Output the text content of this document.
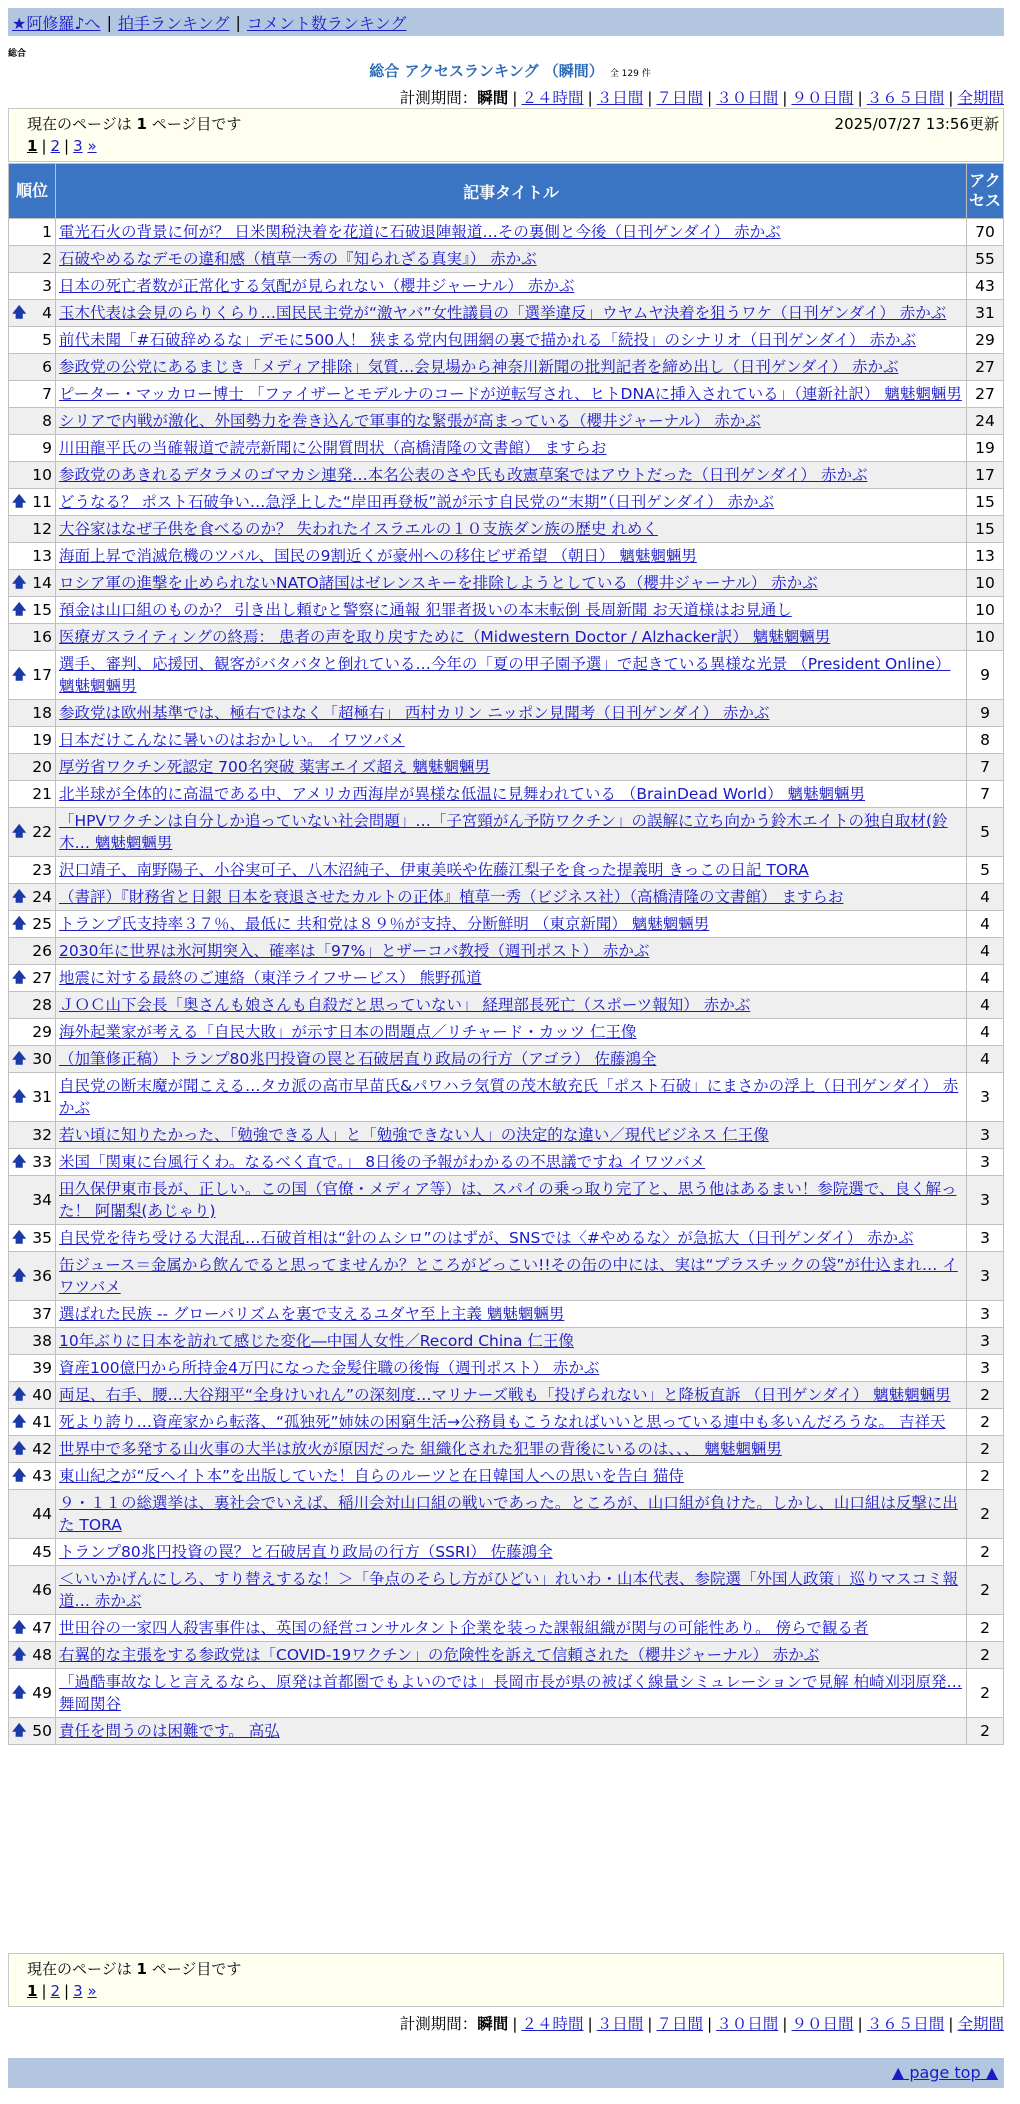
★阿修羅♪へ | 拍手ランキング | コメント数ランキング
総合
総合 アクセスランキング （瞬間） 全 129 件
計測期間：瞬間 | ２４時間 | ３日間 | ７日間 | ３０日間 | ９０日間 | ３６５日間 | 全期間
現在のページは 1 ページ目です	2025/07/27 13:56更新
1 | 2 | 3 »
順位	記事タイトル	アクセス
1	電光石火の背景に何が？ 日米関税決着を花道に石破退陣報道…その裏側と今後（日刊ゲンダイ） 赤かぶ	70
2	石破やめるなデモの違和感（植草一秀の『知られざる真実』） 赤かぶ	55
3	日本の死亡者数が正常化する気配が見られない（櫻井ジャーナル） 赤かぶ	43

🡅 4	玉木代表は会見のらりくらり…国民民主党が“激ヤバ”女性議員の「選挙違反」ウヤムヤ決着を狙うワケ（日刊ゲンダイ） 赤かぶ	31
5	前代未聞「#石破辞めるな」デモに500人！ 狭まる党内包囲網の裏で描かれる「続投」のシナリオ（日刊ゲンダイ） 赤かぶ	29
6	参政党の公党にあるまじき「メディア排除」気質…会見場から神奈川新聞の批判記者を締め出し（日刊ゲンダイ） 赤かぶ	27
7	ピーター・マッカロー博士 「ファイザーとモデルナのコードが逆転写され、ヒトDNAに挿入されている」（連新社訳） 魑魅魍魎男	27
8	シリアで内戦が激化、外国勢力を巻き込んで軍事的な緊張が高まっている（櫻井ジャーナル） 赤かぶ	24
9	川田龍平氏の当確報道で読売新聞に公開質問状（高橋清隆の文書館） ますらお	19
10	参政党のあきれるデタラメのゴマカシ連発…本名公表のさや氏も改憲草案ではアウトだった（日刊ゲンダイ） 赤かぶ	17

🡅 11	どうなる？ ポスト石破争い…急浮上した“岸田再登板”説が示す自民党の“末期”（日刊ゲンダイ） 赤かぶ	15
12	大谷家はなぜ子供を食べるのか？ 失われたイスラエルの１０支族ダン族の歴史 れめく	15
13	海面上昇で消滅危機のツバル、国民の9割近くが豪州への移住ビザ希望 （朝日） 魑魅魍魎男	13

🡅 14	ロシア軍の進撃を止められないNATO諸国はゼレンスキーを排除しようとしている（櫻井ジャーナル） 赤かぶ	10

🡅 15	預金は山口組のものか？ 引き出し頼むと警察に通報 犯罪者扱いの本末転倒 長周新聞 お天道様はお見通し	10
16	医療ガスライティングの終焉： 患者の声を取り戻すために（Midwestern Doctor / Alzhacker訳） 魑魅魍魎男	10

🡅 17	選手、審判、応援団、観客がバタバタと倒れている…今年の「夏の甲子園予選」で起きている異様な光景 （President Online） 魑魅魍魎男	9
18	参政党は欧州基準では、極右ではなく「超極右」 西村カリン ニッポン見聞考（日刊ゲンダイ） 赤かぶ	9
19	日本だけこんなに暑いのはおかしい。 イワツバメ	8
20	厚労省ワクチン死認定 700名突破 薬害エイズ超え 魑魅魍魎男	7
21	北半球が全体的に高温である中、アメリカ西海岸が異様な低温に見舞われている （BrainDead World） 魑魅魍魎男	7

🡅 22	「HPVワクチンは自分しか追っていない社会問題」…「子宮頸がん予防ワクチン」の誤解に立ち向かう鈴木エイトの独自取材(鈴木… 魑魅魍魎男	5
23	沢口靖子、南野陽子、小谷実可子、八木沼純子、伊東美咲や佐藤江梨子を食った提義明 きっこの日記 TORA	5

🡅 24	（書評）『財務省と日銀 日本を衰退させたカルトの正体』植草一秀（ビジネス社）（高橋清隆の文書館） ますらお	4

🡅 25	トランプ氏支持率３７％、最低に 共和党は８９％が支持、分断鮮明 （東京新聞） 魑魅魍魎男	4
26	2030年に世界は氷河期突入、確率は「97%」とザーコバ教授（週刊ポスト） 赤かぶ	4

🡅 27	地震に対する最終のご連絡（東洋ライフサービス） 熊野孤道	4
28	ＪＯＣ山下会長「奥さんも娘さんも自殺だと思っていない」 経理部長死亡（スポーツ報知） 赤かぶ	4
29	海外起業家が考える「自民大敗」が示す日本の問題点／リチャード・カッツ 仁王像	4

🡅 30	（加筆修正稿）トランプ80兆円投資の罠と石破居直り政局の行方（アゴラ） 佐藤鴻全	4

🡅 31	自民党の断末魔が聞こえる…タカ派の高市早苗氏&パワハラ気質の茂木敏充氏「ポスト石破」にまさかの浮上（日刊ゲンダイ） 赤かぶ	3
32	若い頃に知りたかった、「勉強できる人」と「勉強できない人」の決定的な違い／現代ビジネス 仁王像	3

🡅 33	米国「関東に台風行くわ。なるべく直で。」 8日後の予報がわかるの不思議ですね イワツバメ	3
34	田久保伊東市長が、正しい。この国（官僚・メディア等）は、スパイの乗っ取り完了と、思う他はあるまい！参院選で、良く解った！ 阿闍梨(あじゃり)	3

🡅 35	自民党を待ち受ける大混乱…石破首相は“針のムシロ”のはずが、SNSでは〈#やめるな〉が急拡大（日刊ゲンダイ） 赤かぶ	3

🡅 36	缶ジュース＝金属から飲んでると思ってませんか？ところがどっこい!!その缶の中には、実は“プラスチックの袋”が仕込まれ… イワツバメ	3
37	選ばれた民族 -- グローバリズムを裏で支えるユダヤ至上主義 魑魅魍魎男	3
38	10年ぶりに日本を訪れて感じた変化―中国人女性／Record China 仁王像	3
39	資産100億円から所持金4万円になった金髪住職の後悔（週刊ポスト） 赤かぶ	3

🡅 40	両足、右手、腰…大谷翔平“全身けいれん”の深刻度…マリナーズ戦も「投げられない」と降板直訴 （日刊ゲンダイ） 魑魅魍魎男	2

🡅 41	死より誇り…資産家から転落、“孤独死”姉妹の困窮生活→公務員もこうなればいいと思っている連中も多いんだろうな。 吉祥天	2

🡅 42	世界中で多発する山火事の大半は放火が原因だった 組織化された犯罪の背後にいるのは、、、 魑魅魍魎男	2

🡅 43	東山紀之が“反ヘイト本”を出版していた！自らのルーツと在日韓国人への思いを告白 猫侍	2
44	９・１１の総選挙は、裏社会でいえば、稲川会対山口組の戦いであった。ところが、山口組が負けた。しかし、山口組は反撃に出た TORA	2
45	トランプ80兆円投資の罠？と石破居直り政局の行方（SSRI） 佐藤鴻全	2
46	＜いいかげんにしろ、すり替えするな！＞「争点のそらし方がひどい」れいわ・山本代表、参院選「外国人政策」巡りマスコミ報道… 赤かぶ	2

🡅 47	世田谷の一家四人殺害事件は、英国の経営コンサルタント企業を装った課報組織が関与の可能性あり。 傍らで観る者	2

🡅 48	右翼的な主張をする参政党は「COVID-19ワクチン」の危険性を訴えて信頼された（櫻井ジャーナル） 赤かぶ	2

🡅 49	「過酷事故なしと言えるなら、原発は首都圏でもよいのでは」長岡市長が県の被ばく線量シミュレーションで見解 柏崎刈羽原発… 舞岡関谷	2

🡅 50	責任を問うのは困難です。 高弘	2
現在のページは 1 ページ目です
1 | 2 | 3 »
計測期間：瞬間 | ２４時間 | ３日間 | ７日間 | ３０日間 | ９０日間 | ３６５日間 | 全期間
▲ page top ▲
